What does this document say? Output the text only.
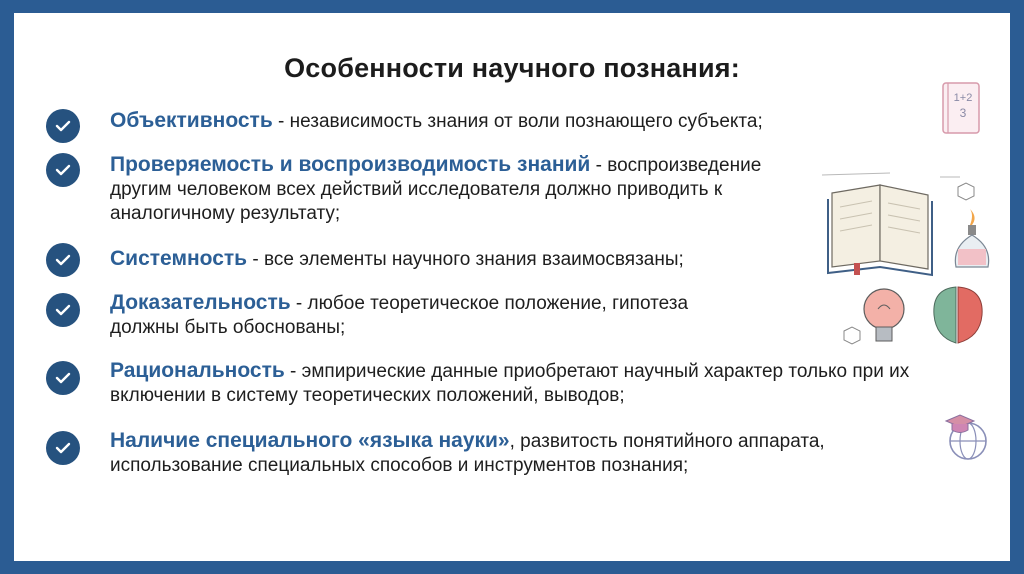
Особенности научного познания:
Объективность - независимость знания от воли познающего субъекта;
Проверяемость и воспроизводимость знаний - воспроизведение другим человеком всех действий исследователя должно приводить к аналогичному результату;
Системность - все элементы научного знания взаимосвязаны;
Доказательность - любое теоретическое положение, гипотеза должны быть обоснованы;
Рациональность - эмпирические данные приобретают научный характер только при их включении в систему теоретических положений, выводов;
Наличие специального «языка науки», развитость понятийного аппарата, использование специальных способов и инструментов познания;
1+2
3
